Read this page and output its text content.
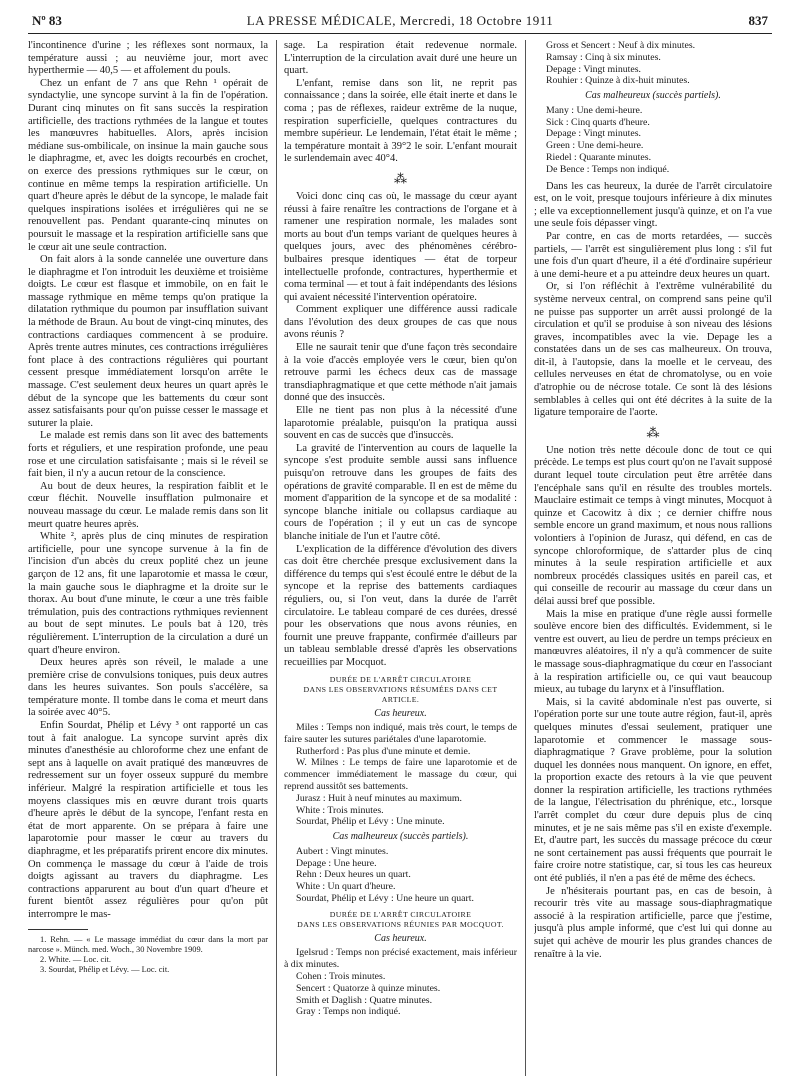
Nº 83	LA PRESSE MÉDICALE, Mercredi, 18 Octobre 1911	837

l'incontinence d'urine ; les réflexes sont normaux, la température aussi ; au neuvième jour, mort avec hyperthermie — 40,5 — et affolement du pouls.

Chez un enfant de 7 ans que Rehn ¹ opérait de syndactylie, une syncope survint à la fin de l'opération. Durant cinq minutes on fit sans succès la respiration artificielle, des tractions rythmées de la langue et toutes les manœuvres habituelles. Alors, après incision médiane sus-ombilicale, on insinue la main gauche sous le diaphragme, et, avec les doigts recourbés en crochet, on exerce des pressions rythmiques sur le cœur, on continue en même temps la respiration artificielle. Un quart d'heure après le début de la syncope, le malade fait quelques inspirations isolées et irrégulières qui ne se renouvellent pas. Pendant quarante-cinq minutes on poursuit le massage et la respiration artificielle sans que le cœur ait une seule contraction.

On fait alors à la sonde cannelée une ouverture dans le diaphragme et l'on introduit les deuxième et troisième doigts. Le cœur est flasque et immobile, on en fait le massage rythmique en même temps qu'on pratique la dilatation rythmique du poumon par insufflation suivant la méthode de Braun. Au bout de vingt-cinq minutes, des contractions cardiaques commencent à se produire. Après trente autres minutes, ces contractions irrégulières font place à des contractions régulières qui pourtant cessent presque immédiatement lorsqu'on arrête le massage. C'est seulement deux heures un quart après le début de la syncope que les battements du cœur sont assez satisfaisants pour qu'on puisse cesser le massage et suturer la plaie.

Le malade est remis dans son lit avec des battements forts et réguliers, et une respiration profonde, une peau rose et une circulation satisfaisante ; mais si le réveil se fait bien, il n'y a aucun retour de la conscience.

Au bout de deux heures, la respiration faiblit et le cœur fléchit. Nouvelle insufflation pulmonaire et nouveau massage du cœur. Le malade remis dans son lit meurt quatre heures après.

White ², après plus de cinq minutes de respiration artificielle, pour une syncope survenue à la fin de l'incision d'un abcès du creux poplité chez un jeune garçon de 12 ans, fit une laparotomie et massa le cœur, la main gauche sous le diaphragme et la droite sur le thorax. Au bout d'une minute, le cœur a une très faible trémulation, puis des contractions rythmiques reviennent au bout de sept minutes. Le pouls bat à 120, très régulièrement. L'interruption de la circulation a duré un quart d'heure environ.

Deux heures après son réveil, le malade a une première crise de convulsions toniques, puis deux autres dans les heures suivantes. Son pouls s'accélère, sa température monte. Il tombe dans le coma et meurt dans la soirée avec 40°5.

Enfin Sourdat, Phélip et Lévy ³ ont rapporté un cas tout à fait analogue. La syncope survint après dix minutes d'anesthésie au chloroforme chez une enfant de sept ans à laquelle on avait pratiqué des manœuvres de redressement sur un foyer osseux suppuré du membre inférieur. Malgré la respiration artificielle et tous les moyens classiques mis en œuvre durant trois quarts d'heure après le début de la syncope, l'enfant resta en état de mort apparente. On se prépara à faire une laparotomie pour masser le cœur au travers du diaphragme, et les préparatifs prirent encore dix minutes. On commença le massage du cœur à l'aide de trois doigts agissant au travers du diaphragme. Les contractions apparurent au bout d'un quart d'heure et furent bientôt assez régulières pour qu'on pût interrompre le mas-

1. Rehn. — « Le massage immédiat du cœur dans la mort par narcose ». Münch. med. Woch., 30 Novembre 1909.

2. White. — Loc. cit.

3. Sourdat, Phélip et Lévy. — Loc. cit.

sage. La respiration était redevenue normale. L'interruption de la circulation avait duré une heure un quart.

L'enfant, remise dans son lit, ne reprit pas connaissance ; dans la soirée, elle était inerte et dans le coma ; pas de réflexes, raideur extrême de la nuque, respiration superficielle, quelques contractures du membre supérieur. Le lendemain, l'état était le même ; la température montait à 39°2 le soir. L'enfant mourait le surlendemain avec 40°4.

⁂

Voici donc cinq cas où, le massage du cœur ayant réussi à faire renaître les contractions de l'organe et à ramener une respiration normale, les malades sont morts au bout d'un temps variant de quelques heures à quelques jours, avec des phénomènes cérébro-bulbaires presque identiques — état de torpeur intellectuelle profonde, contractures, hyperthermie et coma terminal — et tout à fait indépendants des lésions qui avaient nécessité l'intervention opératoire.

Comment expliquer une différence aussi radicale dans l'évolution des deux groupes de cas que nous avons réunis ?

Elle ne saurait tenir que d'une façon très secondaire à la voie d'accès employée vers le cœur, bien qu'on retrouve parmi les échecs deux cas de massage transdiaphragmatique et que cette méthode n'ait jamais donné que des insuccès.

Elle ne tient pas non plus à la nécessité d'une laparotomie préalable, puisqu'on la pratiqua aussi souvent en cas de succès que d'insuccès.

La gravité de l'intervention au cours de laquelle la syncope s'est produite semble aussi sans influence puisqu'on retrouve dans les groupes de faits des opérations de gravité comparable. Il en est de même du moment d'apparition de la syncope et de sa modalité : syncope blanche initiale ou collapsus cardiaque au cours de l'opération ; il y eut un cas de syncope blanche initiale de l'un et l'autre côté.

L'explication de la différence d'évolution des divers cas doit être cherchée presque exclusivement dans la différence du temps qui s'est écoulé entre le début de la syncope et la reprise des battements cardiaques réguliers, ou, si l'on veut, dans la durée de l'arrêt circulatoire. Le tableau comparé de ces durées, dressé pour les observations que nous avons réunies, en fournit une preuve frappante, confirmée d'ailleurs par un tableau semblable dressé d'après les observations recueillies par Mocquot.

DURÉE DE L'ARRÊT CIRCULATOIRE
DANS LES OBSERVATIONS RÉSUMÉES DANS CET ARTICLE.
Cas heureux.

Miles : Temps non indiqué, mais très court, le temps de faire sauter les sutures pariétales d'une laparotomie.

Rutherford : Pas plus d'une minute et demie.

W. Milnes : Le temps de faire une laparotomie et de commencer immédiatement le massage du cœur, qui reprend aussitôt ses battements.

Jurasz : Huit à neuf minutes au maximum.

White : Trois minutes.

Sourdat, Phélip et Lévy : Une minute.

Cas malheureux (succès partiels).

Aubert : Vingt minutes.

Depage : Une heure.

Rehn : Deux heures un quart.

White : Un quart d'heure.

Sourdat, Phélip et Lévy : Une heure un quart.

DURÉE DE L'ARRÊT CIRCULATOIRE
DANS LES OBSERVATIONS RÉUNIES PAR MOCQUOT.
Cas heureux.

Igelsrud : Temps non précisé exactement, mais inférieur à dix minutes.

Cohen : Trois minutes.

Sencert : Quatorze à quinze minutes.

Smith et Daglish : Quatre minutes.

Gray : Temps non indiqué.

Gross et Sencert : Neuf à dix minutes.

Ramsay : Cinq à six minutes.

Depage : Vingt minutes.

Rouhier : Quinze à dix-huit minutes.

Cas malheureux (succès partiels).

Many : Une demi-heure.

Sick : Cinq quarts d'heure.

Depage : Vingt minutes.

Green : Une demi-heure.

Riedel : Quarante minutes.

De Bence : Temps non indiqué.

Dans les cas heureux, la durée de l'arrêt circulatoire est, on le voit, presque toujours inférieure à dix minutes ; elle va exceptionnellement jusqu'à quinze, et on l'a vue une seule fois dépasser vingt.

Par contre, en cas de morts retardées, — succès partiels, — l'arrêt est singulièrement plus long : s'il fut une fois d'un quart d'heure, il a été d'ordinaire supérieur à une demi-heure et a pu atteindre deux heures un quart.

Or, si l'on réfléchit à l'extrême vulnérabilité du système nerveux central, on comprend sans peine qu'il ne puisse pas supporter un arrêt aussi prolongé de la circulation et qu'il se produise à son niveau des lésions graves, incompatibles avec la vie. Depage les a constatées dans un de ses cas malheureux. On trouva, dit-il, à l'autopsie, dans la moelle et le cerveau, des cellules nerveuses en état de chromatolyse, ou en voie d'atrophie ou de nécrose totale. Ce sont là des lésions semblables à celles qui ont été décrites à la suite de la ligature temporaire de l'aorte.

⁂

Une notion très nette découle donc de tout ce qui précède. Le temps est plus court qu'on ne l'avait supposé durant lequel toute circulation peut être arrêtée dans l'encéphale sans qu'il en résulte des troubles mortels. Mauclaire estimait ce temps à vingt minutes, Mocquot à quinze et Cacowitz à dix ; ce dernier chiffre nous semble encore un grand maximum, et nous nous rallions volontiers à l'opinion de Jurasz, qui défend, en cas de syncope chloroformique, de s'attarder plus de cinq minutes à la seule respiration artificielle et aux nombreux procédés classiques usités en pareil cas, et qui conseille de recourir au massage du cœur dans un délai aussi bref que possible.

Mais la mise en pratique d'une règle aussi formelle soulève encore bien des difficultés. Evidemment, si le ventre est ouvert, au lieu de perdre un temps précieux en manœuvres aléatoires, il n'y a qu'à commencer de suite le massage sous-diaphragmatique du cœur en l'associant à la respiration artificielle ou, ce qui vaut beaucoup mieux, au tubage du larynx et à l'insufflation.

Mais, si la cavité abdominale n'est pas ouverte, si l'opération porte sur une toute autre région, faut-il, après quelques minutes d'essai seulement, pratiquer une laparotomie et commencer le massage sous-diaphragmatique ? Grave problème, pour la solution duquel les données nous manquent. On ignore, en effet, la proportion exacte des retours à la vie que peuvent donner la respiration artificielle, les tractions rythmées de la langue, l'électrisation du phrénique, etc., lorsque l'arrêt complet du cœur dure depuis plus de cinq minutes, et je ne sais même pas s'il en existe d'exemple. Et, d'autre part, les succès du massage précoce du cœur ne sont certainement pas aussi fréquents que pourrait le faire croire notre statistique, car, si tous les cas heureux ont été publiés, il n'en a pas été de même des échecs.

Je n'hésiterais pourtant pas, en cas de besoin, à recourir très vite au massage sous-diaphragmatique associé à la respiration artificielle, parce que j'estime, jusqu'à plus ample informé, que c'est lui qui donne au sujet qui achève de mourir les plus grandes chances de renaître à la vie.
